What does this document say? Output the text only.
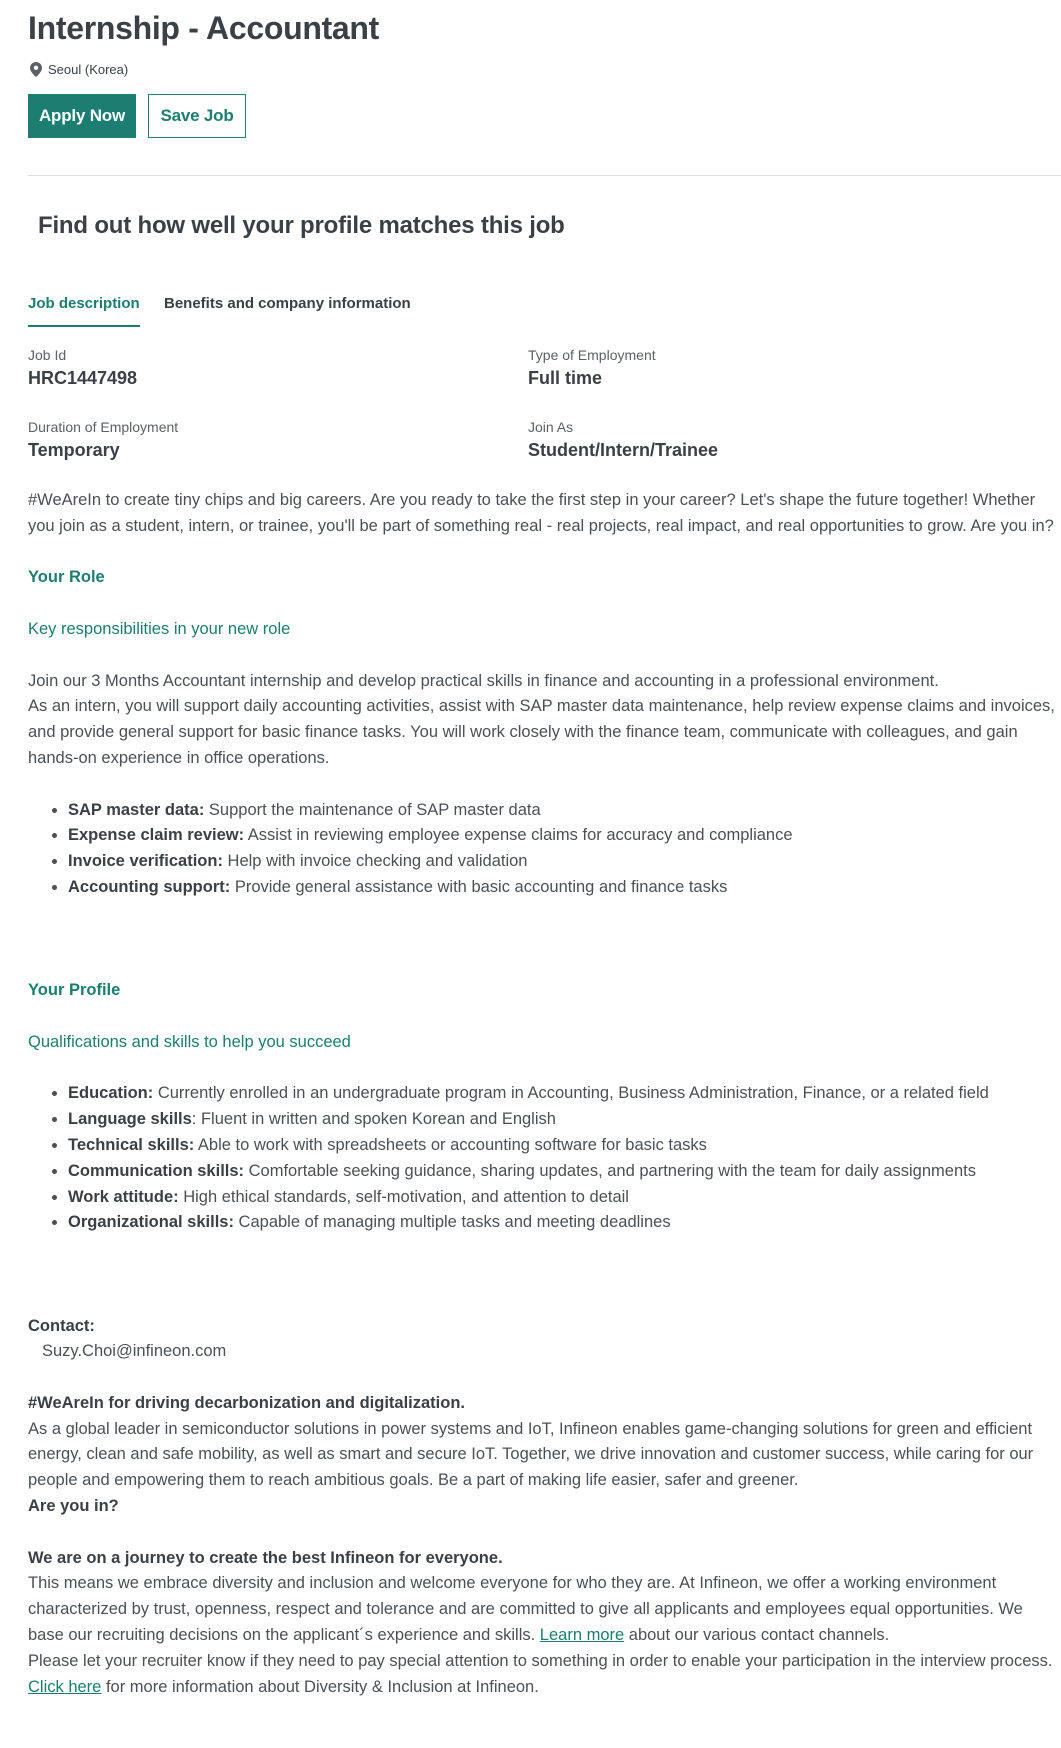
Internship - Accountant
Seoul (Korea)
Apply Now	Save Job
Find out how well your profile matches this job
Job description Benefits and company information
Job Id
HRC1447498
Type of Employment
Full time
Duration of Employment
Temporary
Join As
Student/Intern/Trainee

#WeAreIn to create tiny chips and big careers. Are you ready to take the first step in your career? Let's shape the future together! Whether you join as a student, intern, or trainee, you'll be part of something real - real projects, real impact, and real opportunities to grow. Are you in?

Your Role

Key responsibilities in your new role

Join our 3 Months Accountant internship and develop practical skills in finance and accounting in a professional environment.

As an intern, you will support daily accounting activities, assist with SAP master data maintenance, help review expense claims and invoices, and provide general support for basic finance tasks. You will work closely with the finance team, communicate with colleagues, and gain hands-on experience in office operations.

• SAP master data: Support the maintenance of SAP master data
• Expense claim review: Assist in reviewing employee expense claims for accuracy and compliance
• Invoice verification: Help with invoice checking and validation
• Accounting support: Provide general assistance with basic accounting and finance tasks

Your Profile

Qualifications and skills to help you succeed

• Education: Currently enrolled in an undergraduate program in Accounting, Business Administration, Finance, or a related field
• Language skills: Fluent in written and spoken Korean and English
• Technical skills: Able to work with spreadsheets or accounting software for basic tasks
• Communication skills: Comfortable seeking guidance, sharing updates, and partnering with the team for daily assignments
• Work attitude: High ethical standards, self-motivation, and attention to detail
• Organizational skills: Capable of managing multiple tasks and meeting deadlines

Contact:

Suzy.Choi@infineon.com

#WeAreIn for driving decarbonization and digitalization.

As a global leader in semiconductor solutions in power systems and IoT, Infineon enables game-changing solutions for green and efficient energy, clean and safe mobility, as well as smart and secure IoT. Together, we drive innovation and customer success, while caring for our people and empowering them to reach ambitious goals. Be a part of making life easier, safer and greener.

Are you in?

We are on a journey to create the best Infineon for everyone.

This means we embrace diversity and inclusion and welcome everyone for who they are. At Infineon, we offer a working environment characterized by trust, openness, respect and tolerance and are committed to give all applicants and employees equal opportunities. We base our recruiting decisions on the applicant´s experience and skills. Learn more about our various contact channels.

Please let your recruiter know if they need to pay special attention to something in order to enable your participation in the interview process.

Click here for more information about Diversity & Inclusion at Infineon.
